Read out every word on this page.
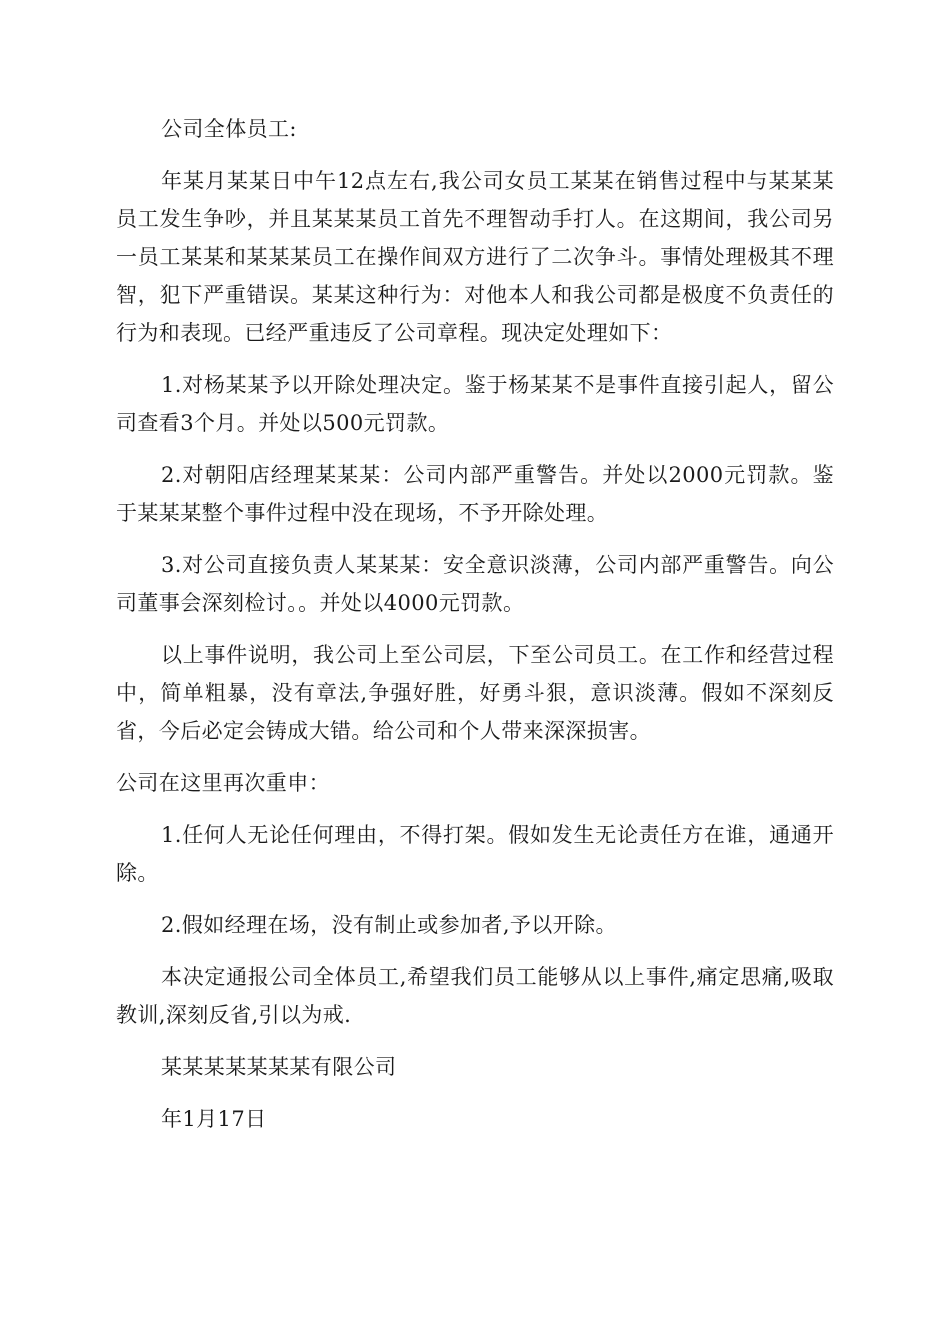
公司全体员工:

年某月某某日中午12点左右,我公司女员工某某在销售过程中与某某某员工发生争吵，并且某某某员工首先不理智动手打人。在这期间，我公司另一员工某某和某某某员工在操作间双方进行了二次争斗。事情处理极其不理智，犯下严重错误。某某这种行为：对他本人和我公司都是极度不负责任的行为和表现。已经严重违反了公司章程。现决定处理如下：

1.对杨某某予以开除处理决定。鉴于杨某某不是事件直接引起人，留公司查看3个月。并处以500元罚款。

2.对朝阳店经理某某某：公司内部严重警告。并处以2000元罚款。鉴于某某某整个事件过程中没在现场，不予开除处理。

3.对公司直接负责人某某某：安全意识淡薄，公司内部严重警告。向公司董事会深刻检讨。。并处以4000元罚款。

以上事件说明，我公司上至公司层，下至公司员工。在工作和经营过程中，简单粗暴，没有章法,争强好胜，好勇斗狠，意识淡薄。假如不深刻反省，今后必定会铸成大错。给公司和个人带来深深损害。

公司在这里再次重申：

1.任何人无论任何理由，不得打架。假如发生无论责任方在谁，通通开除。

2.假如经理在场，没有制止或参加者,予以开除。

本决定通报公司全体员工,希望我们员工能够从以上事件,痛定思痛,吸取教训,深刻反省,引以为戒.

某某某某某某某有限公司

年1月17日
